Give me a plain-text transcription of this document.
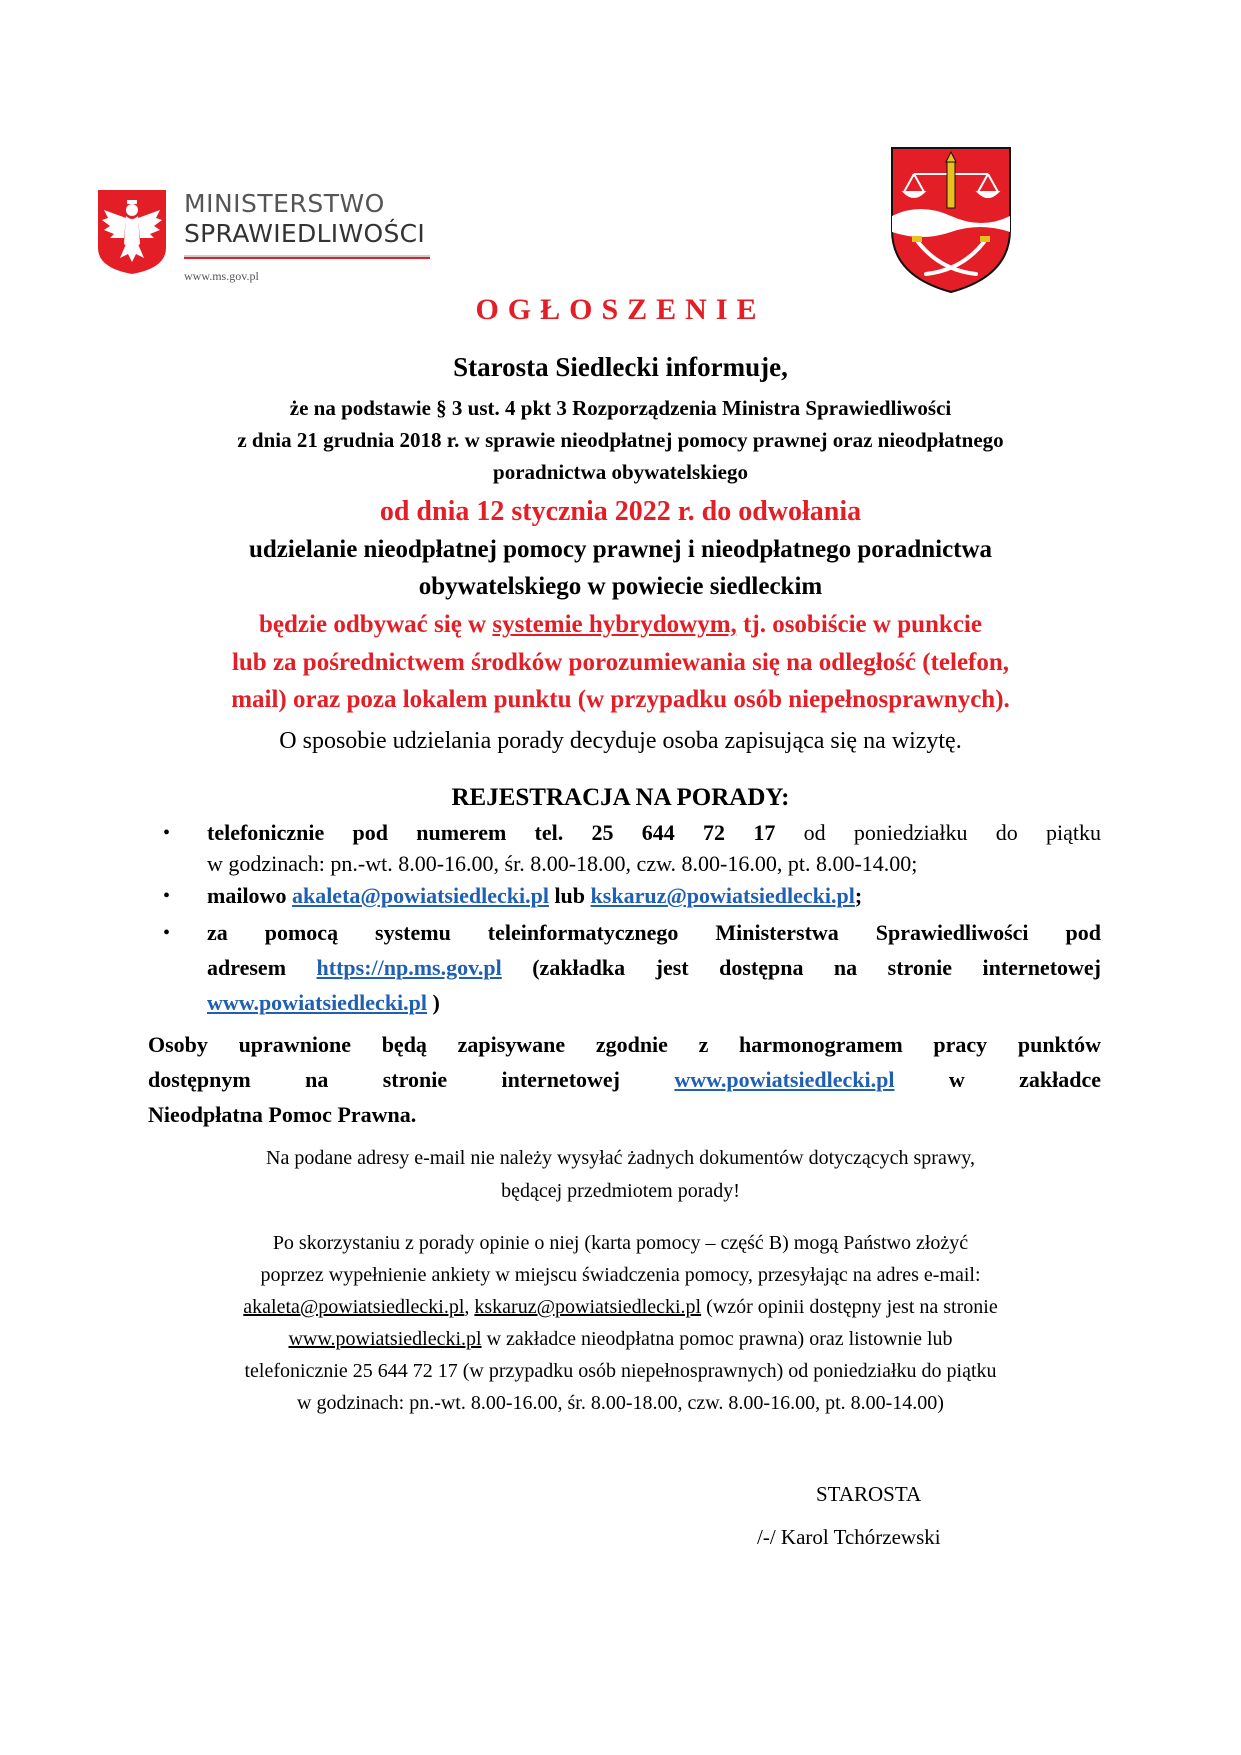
MINISTERSTWO
SPRAWIEDLIWOŚCI
www.ms.gov.pl
OGŁOSZENIE
Starosta Siedlecki informuje,
że na podstawie § 3 ust. 4 pkt 3 Rozporządzenia Ministra Sprawiedliwości
z dnia 21 grudnia 2018 r. w sprawie nieodpłatnej pomocy prawnej oraz nieodpłatnego
poradnictwa obywatelskiego
od dnia 12 stycznia 2022 r. do odwołania
udzielanie nieodpłatnej pomocy prawnej i nieodpłatnego poradnictwa
obywatelskiego w powiecie siedleckim
będzie odbywać się w systemie hybrydowym, tj. osobiście w punkcie
lub za pośrednictwem środków porozumiewania się na odległość (telefon,
mail) oraz poza lokalem punktu (w przypadku osób niepełnosprawnych).
O sposobie udzielania porady decyduje osoba zapisująca się na wizytę.
REJESTRACJA NA PORADY:
• telefonicznie pod numerem tel. 25 644 72 17 od poniedziałku do piątku
w godzinach: pn.-wt. 8.00-16.00, śr. 8.00-18.00, czw. 8.00-16.00, pt. 8.00-14.00;
• mailowo akaleta@powiatsiedlecki.pl lub kskaruz@powiatsiedlecki.pl;
• za pomocą systemu teleinformatycznego Ministerstwa Sprawiedliwości pod
adresem https://np.ms.gov.pl (zakładka jest dostępna na stronie internetowej
www.powiatsiedlecki.pl )
Osoby uprawnione będą zapisywane zgodnie z harmonogramem pracy punktów
dostępnym na stronie internetowej www.powiatsiedlecki.pl w zakładce
Nieodpłatna Pomoc Prawna.
Na podane adresy e-mail nie należy wysyłać żadnych dokumentów dotyczących sprawy,
będącej przedmiotem porady!
Po skorzystaniu z porady opinie o niej (karta pomocy – część B) mogą Państwo złożyć
poprzez wypełnienie ankiety w miejscu świadczenia pomocy, przesyłając na adres e-mail:
akaleta@powiatsiedlecki.pl, kskaruz@powiatsiedlecki.pl (wzór opinii dostępny jest na stronie
www.powiatsiedlecki.pl w zakładce nieodpłatna pomoc prawna) oraz listownie lub
telefonicznie 25 644 72 17 (w przypadku osób niepełnosprawnych) od poniedziałku do piątku
w godzinach: pn.-wt. 8.00-16.00, śr. 8.00-18.00, czw. 8.00-16.00, pt. 8.00-14.00)
STAROSTA
/-/ Karol Tchórzewski
